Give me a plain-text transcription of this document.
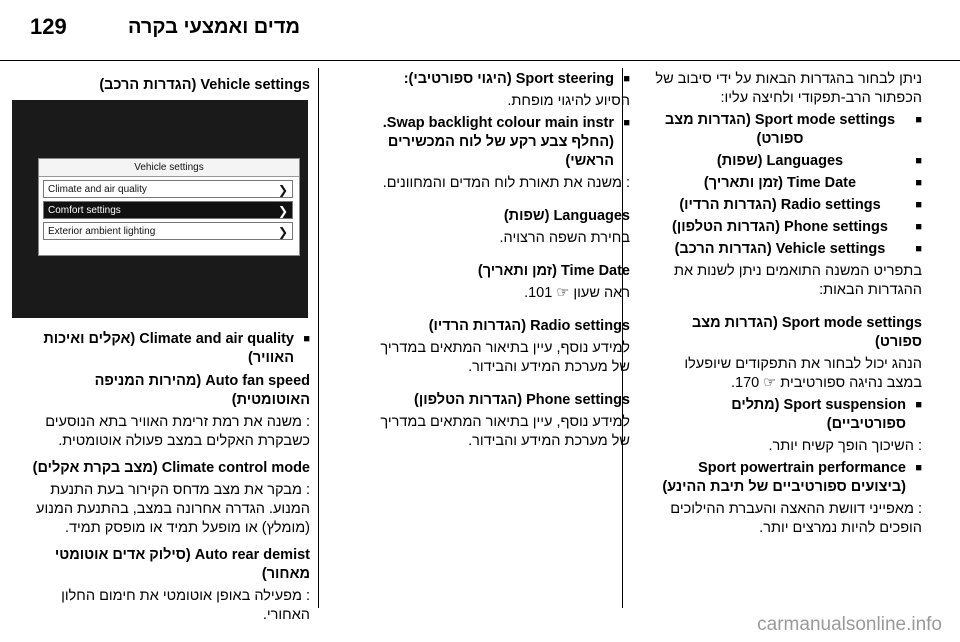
129	מדים ואמצעי בקרה

ניתן לבחור בהגדרות הבאות על ידי סיבוב של הכפתור הרב-תפקודי ולחיצה עליו:

■ Sport mode settings (הגדרות מצב ספורט)
■ Languages (שפות)
■ Time Date (זמן ותאריך)
■ Radio settings (הגדרות הרדיו)
■ Phone settings (הגדרות הטלפון)
■ Vehicle settings (הגדרות הרכב)

בתפריט המשנה התואמים ניתן לשנות את ההגדרות הבאות:

Sport mode settings (הגדרות מצב ספורט)

הנהג יכול לבחור את התפקודים שיופעלו במצב נהיגה ספורטיבית ☞ 170.

■ Sport suspension (מתלים ספורטיביים)

: השיכוך הופך קשיח יותר.

■ Sport powertrain performance (ביצועים ספורטיביים של תיבת ההינע)

: מאפייני דוושת ההאצה והעברת ההילוכים הופכים להיות נמרצים יותר.

■ Sport steering (היגוי ספורטיבי):

הסיוע להיגוי מופחת.

■ Swap backlight colour main instr. (החלף צבע רקע של לוח המכשירים הראשי)

: משנה את תאורת לוח המדים והמחוונים.

Languages (שפות)

בחירת השפה הרצויה.

Time Date (זמן ותאריך)

ראה שעון ☞ 101.

Radio settings (הגדרות הרדיו)

למידע נוסף, עיין בתיאור המתאים במדריך של מערכת המידע והבידור.

Phone settings (הגדרות הטלפון)

למידע נוסף, עיין בתיאור המתאים במדריך של מערכת המידע והבידור.

Vehicle settings (הגדרות הרכב)

Vehicle settings
Climate and air quality	❯
Comfort settings	❯
Exterior ambient lighting	❯
■ Climate and air quality (אקלים ואיכות האוויר)

Auto fan speed (מהירות המניפה האוטומטית)

: משנה את רמת זרימת האוויר בתא הנוסעים כשבקרת האקלים במצב פעולה אוטומטית.

Climate control mode (מצב בקרת אקלים)

: מבקר את מצב מדחס הקירור בעת התנעת המנוע. הגדרה אחרונה במצב, בהתנעת המנוע (מומלץ) או מופעל תמיד או מופסק תמיד.

Auto rear demist (סילוק אדים אוטומטי מאחור)

: מפעילה באופן אוטומטי את חימום החלון האחורי.	carmanualsonline.info
